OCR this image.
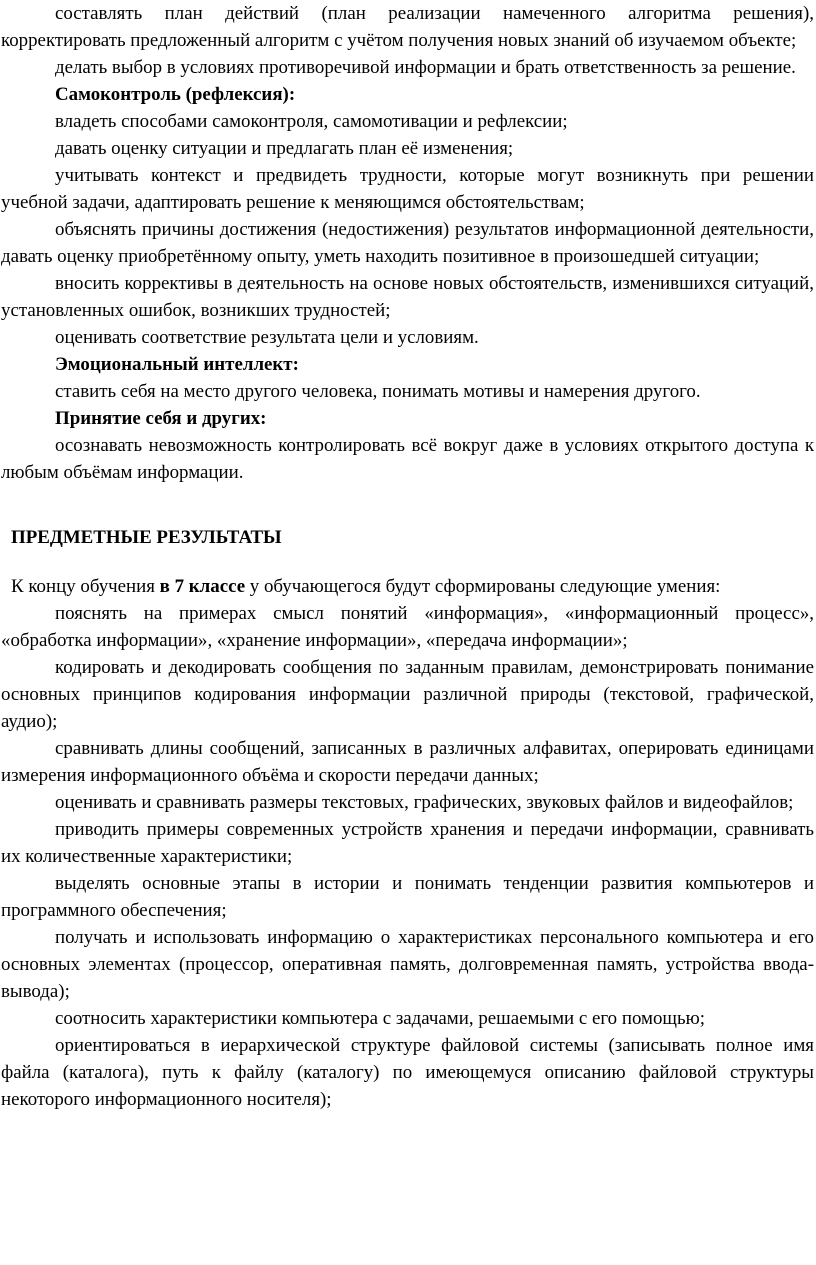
составлять план действий (план реализации намеченного алгоритма решения), корректировать предложенный алгоритм с учётом получения новых знаний об изучаемом объекте;

делать выбор в условиях противоречивой информации и брать ответственность за решение.

Самоконтроль (рефлексия):

владеть способами самоконтроля, самомотивации и рефлексии;

давать оценку ситуации и предлагать план её изменения;

учитывать контекст и предвидеть трудности, которые могут возникнуть при решении учебной задачи, адаптировать решение к меняющимся обстоятельствам;

объяснять причины достижения (недостижения) результатов информационной деятельности, давать оценку приобретённому опыту, уметь находить позитивное в произошедшей ситуации;

вносить коррективы в деятельность на основе новых обстоятельств, изменившихся ситуаций, установленных ошибок, возникших трудностей;

оценивать соответствие результата цели и условиям.

Эмоциональный интеллект:

ставить себя на место другого человека, понимать мотивы и намерения другого.

Принятие себя и других:

осознавать невозможность контролировать всё вокруг даже в условиях открытого доступа к любым объёмам информации.

ПРЕДМЕТНЫЕ РЕЗУЛЬТАТЫ
К концу обучения в 7 классе у обучающегося будут сформированы следующие умения:

пояснять на примерах смысл понятий «информация», «информационный процесс», «обработка информации», «хранение информации», «передача информации»;

кодировать и декодировать сообщения по заданным правилам, демонстрировать понимание основных принципов кодирования информации различной природы (текстовой, графической, аудио);

сравнивать длины сообщений, записанных в различных алфавитах, оперировать единицами измерения информационного объёма и скорости передачи данных;

оценивать и сравнивать размеры текстовых, графических, звуковых файлов и видеофайлов;

приводить примеры современных устройств хранения и передачи информации, сравнивать их количественные характеристики;

выделять основные этапы в истории и понимать тенденции развития компьютеров и программного обеспечения;

получать и использовать информацию о характеристиках персонального компьютера и его основных элементах (процессор, оперативная память, долговременная память, устройства ввода-вывода);

соотносить характеристики компьютера с задачами, решаемыми с его помощью;

ориентироваться в иерархической структуре файловой системы (записывать полное имя файла (каталога), путь к файлу (каталогу) по имеющемуся описанию файловой структуры некоторого информационного носителя);
